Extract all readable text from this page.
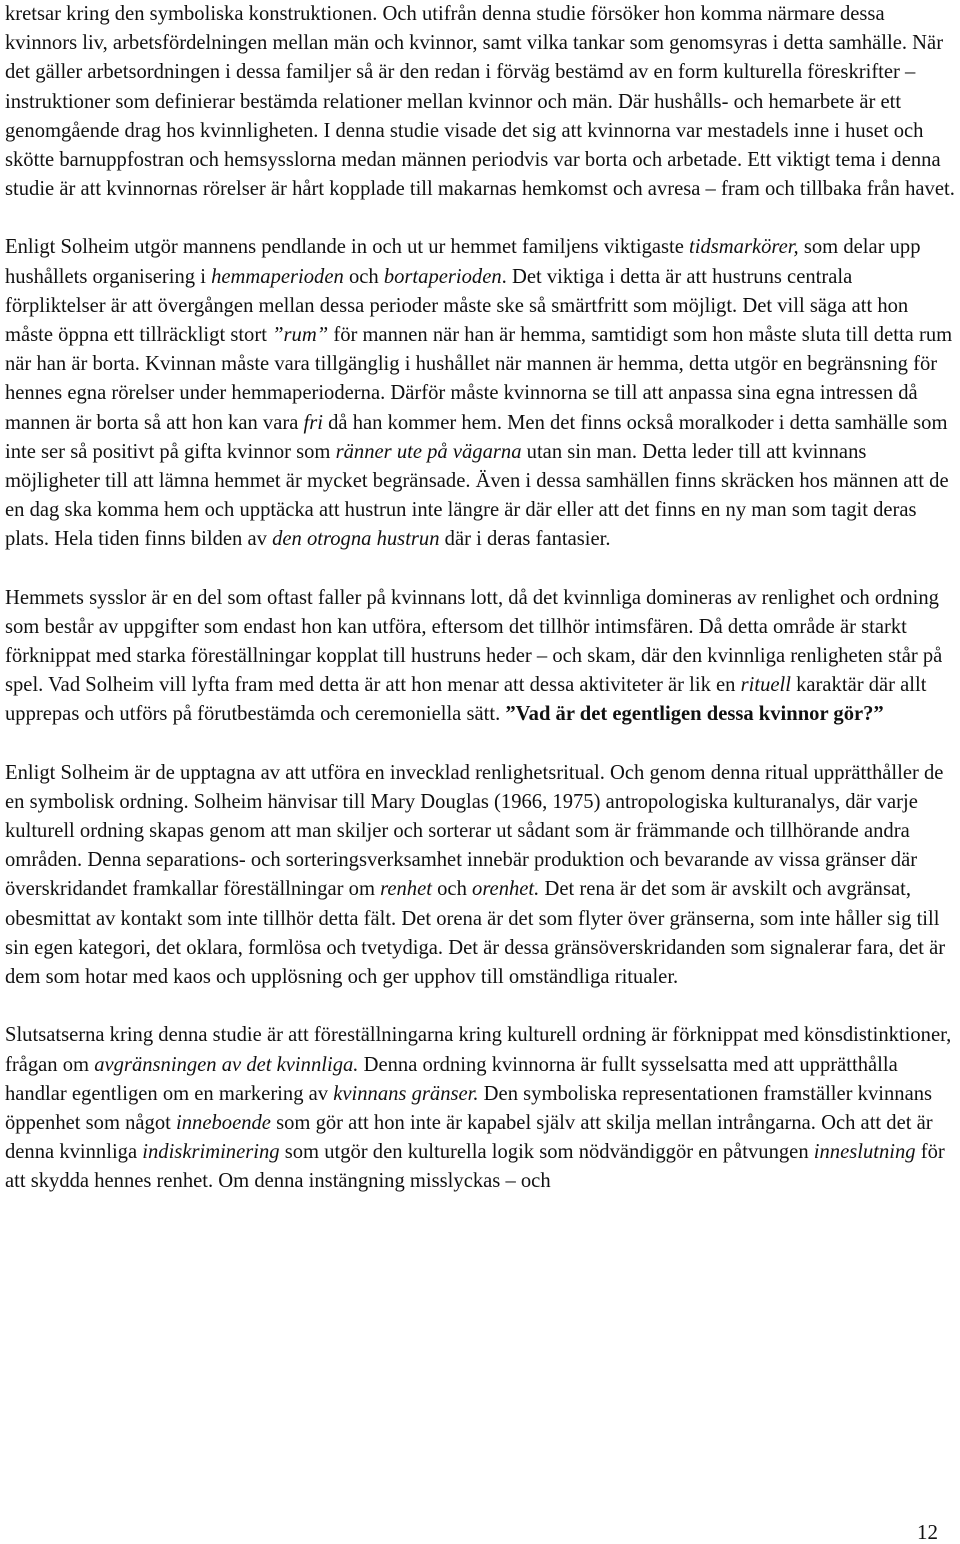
kretsar kring den symboliska konstruktionen. Och utifrån denna studie försöker hon komma närmare dessa kvinnors liv, arbetsfördelningen mellan män och kvinnor, samt vilka tankar som genomsyras i detta samhälle. När det gäller arbetsordningen i dessa familjer så är den redan i förväg bestämd av en form kulturella föreskrifter – instruktioner som definierar bestämda relationer mellan kvinnor och män. Där hushålls- och hemarbete är ett genomgående drag hos kvinnligheten. I denna studie visade det sig att kvinnorna var mestadels inne i huset och skötte barnuppfostran och hemsysslorna medan männen periodvis var borta och arbetade. Ett viktigt tema i denna studie är att kvinnornas rörelser är hårt kopplade till makarnas hemkomst och avresa – fram och tillbaka från havet.

Enligt Solheim utgör mannens pendlande in och ut ur hemmet familjens viktigaste tidsmarkörer, som delar upp hushållets organisering i hemmaperioden och bortaperioden. Det viktiga i detta är att hustruns centrala förpliktelser är att övergången mellan dessa perioder måste ske så smärtfritt som möjligt. Det vill säga att hon måste öppna ett tillräckligt stort ”rum” för mannen när han är hemma, samtidigt som hon måste sluta till detta rum när han är borta. Kvinnan måste vara tillgänglig i hushållet när mannen är hemma, detta utgör en begränsning för hennes egna rörelser under hemmaperioderna. Därför måste kvinnorna se till att anpassa sina egna intressen då mannen är borta så att hon kan vara fri då han kommer hem. Men det finns också moralkoder i detta samhälle som inte ser så positivt på gifta kvinnor som ränner ute på vägarna utan sin man. Detta leder till att kvinnans möjligheter till att lämna hemmet är mycket begränsade. Även i dessa samhällen finns skräcken hos männen att de en dag ska komma hem och upptäcka att hustrun inte längre är där eller att det finns en ny man som tagit deras plats. Hela tiden finns bilden av den otrogna hustrun där i deras fantasier.

Hemmets sysslor är en del som oftast faller på kvinnans lott, då det kvinnliga domineras av renlighet och ordning som består av uppgifter som endast hon kan utföra, eftersom det tillhör intimsfären. Då detta område är starkt förknippat med starka föreställningar kopplat till hustruns heder – och skam, där den kvinnliga renligheten står på spel. Vad Solheim vill lyfta fram med detta är att hon menar att dessa aktiviteter är lik en rituell karaktär där allt upprepas och utförs på förutbestämda och ceremoniella sätt. ”Vad är det egentligen dessa kvinnor gör?”

Enligt Solheim är de upptagna av att utföra en invecklad renlighetsritual. Och genom denna ritual upprätthåller de en symbolisk ordning. Solheim hänvisar till Mary Douglas (1966, 1975) antropologiska kulturanalys, där varje kulturell ordning skapas genom att man skiljer och sorterar ut sådant som är främmande och tillhörande andra områden. Denna separations- och sorteringsverksamhet innebär produktion och bevarande av vissa gränser där överskridandet framkallar föreställningar om renhet och orenhet. Det rena är det som är avskilt och avgränsat, obesmittat av kontakt som inte tillhör detta fält. Det orena är det som flyter över gränserna, som inte håller sig till sin egen kategori, det oklara, formlösa och tvetydiga. Det är dessa gränsöverskridanden som signalerar fara, det är dem som hotar med kaos och upplösning och ger upphov till omständliga ritualer.

Slutsatserna kring denna studie är att föreställningarna kring kulturell ordning är förknippat med könsdistinktioner, frågan om avgränsningen av det kvinnliga. Denna ordning kvinnorna är fullt sysselsatta med att upprätthålla handlar egentligen om en markering av kvinnans gränser. Den symboliska representationen framställer kvinnans öppenhet som något inneboende som gör att hon inte är kapabel själv att skilja mellan intrångarna. Och att det är denna kvinnliga indiskriminering som utgör den kulturella logik som nödvändiggör en påtvungen inneslutning för att skydda hennes renhet. Om denna instängning misslyckas – och

12
